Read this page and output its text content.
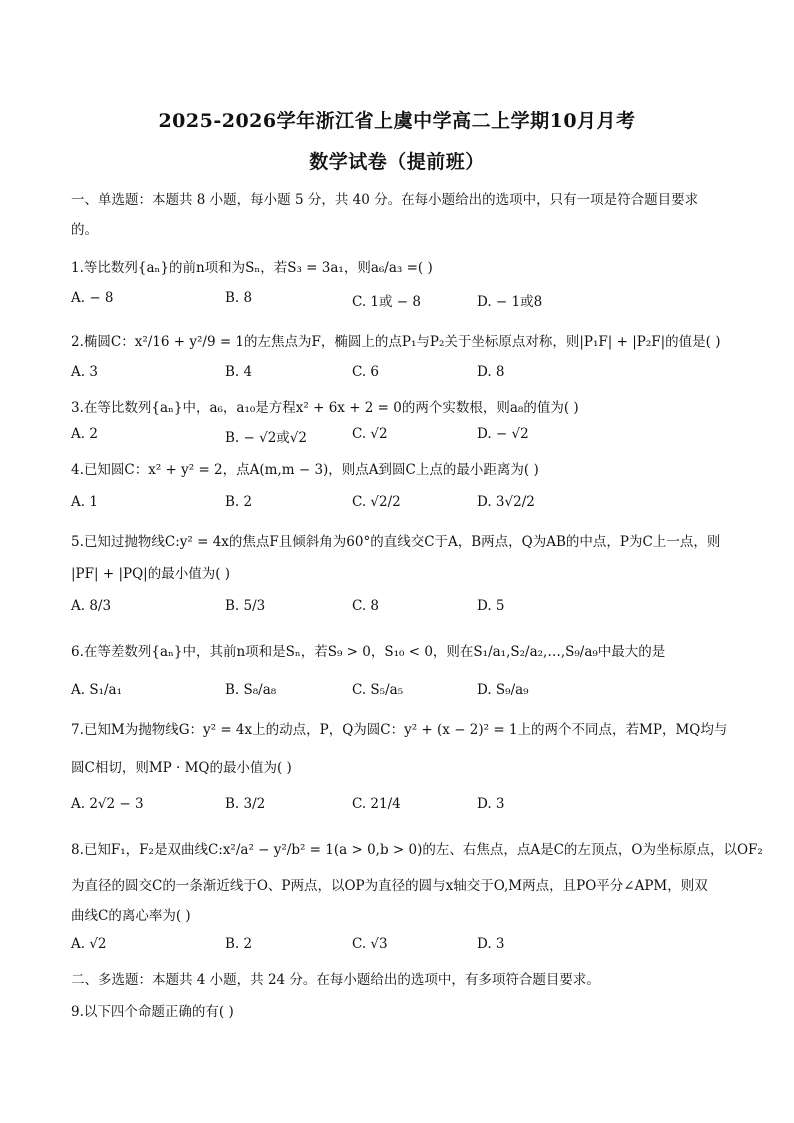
2025-2026学年浙江省上虞中学高二上学期10月月考
数学试卷（提前班）
一、单选题：本题共 8 小题，每小题 5 分，共 40 分。在每小题给出的选项中，只有一项是符合题目要求
的。
1.等比数列{aₙ}的前n项和为Sₙ，若S₃ = 3a₁，则a₆/a₃ =( )
A. − 8	B. 8	C. 1或 − 8	D. − 1或8
2.椭圆C：x²/16 + y²/9 = 1的左焦点为F，椭圆上的点P₁与P₂关于坐标原点对称，则|P₁F| + |P₂F|的值是( )
A. 3	B. 4	C. 6	D. 8
3.在等比数列{aₙ}中，a₆，a₁₀是方程x² + 6x + 2 = 0的两个实数根，则a₈的值为( )
A. 2	B. − √2或√2	C. √2	D. − √2
4.已知圆C：x² + y² = 2，点A(m,m − 3)，则点A到圆C上点的最小距离为( )
A. 1	B. 2	C. √2/2	D. 3√2/2
5.已知过抛物线C:y² = 4x的焦点F且倾斜角为60°的直线交C于A，B两点，Q为AB的中点，P为C上一点，则
|PF| + |PQ|的最小值为( )
A. 8/3	B. 5/3	C. 8	D. 5
6.在等差数列{aₙ}中，其前n项和是Sₙ，若S₉ > 0，S₁₀ < 0，则在S₁/a₁,S₂/a₂,…,S₉/a₉中最大的是
A. S₁/a₁	B. S₈/a₈	C. S₅/a₅	D. S₉/a₉
7.已知M为抛物线G：y² = 4x上的动点，P，Q为圆C：y² + (x − 2)² = 1上的两个不同点，若MP，MQ均与
圆C相切，则MP · MQ的最小值为( )
A. 2√2 − 3	B. 3/2	C. 21/4	D. 3
8.已知F₁，F₂是双曲线C:x²/a² − y²/b² = 1(a > 0,b > 0)的左、右焦点，点A是C的左顶点，O为坐标原点，以OF₂
为直径的圆交C的一条渐近线于O、P两点，以OP为直径的圆与x轴交于O,M两点，且PO平分∠APM，则双
曲线C的离心率为( )
A. √2	B. 2	C. √3	D. 3
二、多选题：本题共 4 小题，共 24 分。在每小题给出的选项中，有多项符合题目要求。
9.以下四个命题正确的有( )
